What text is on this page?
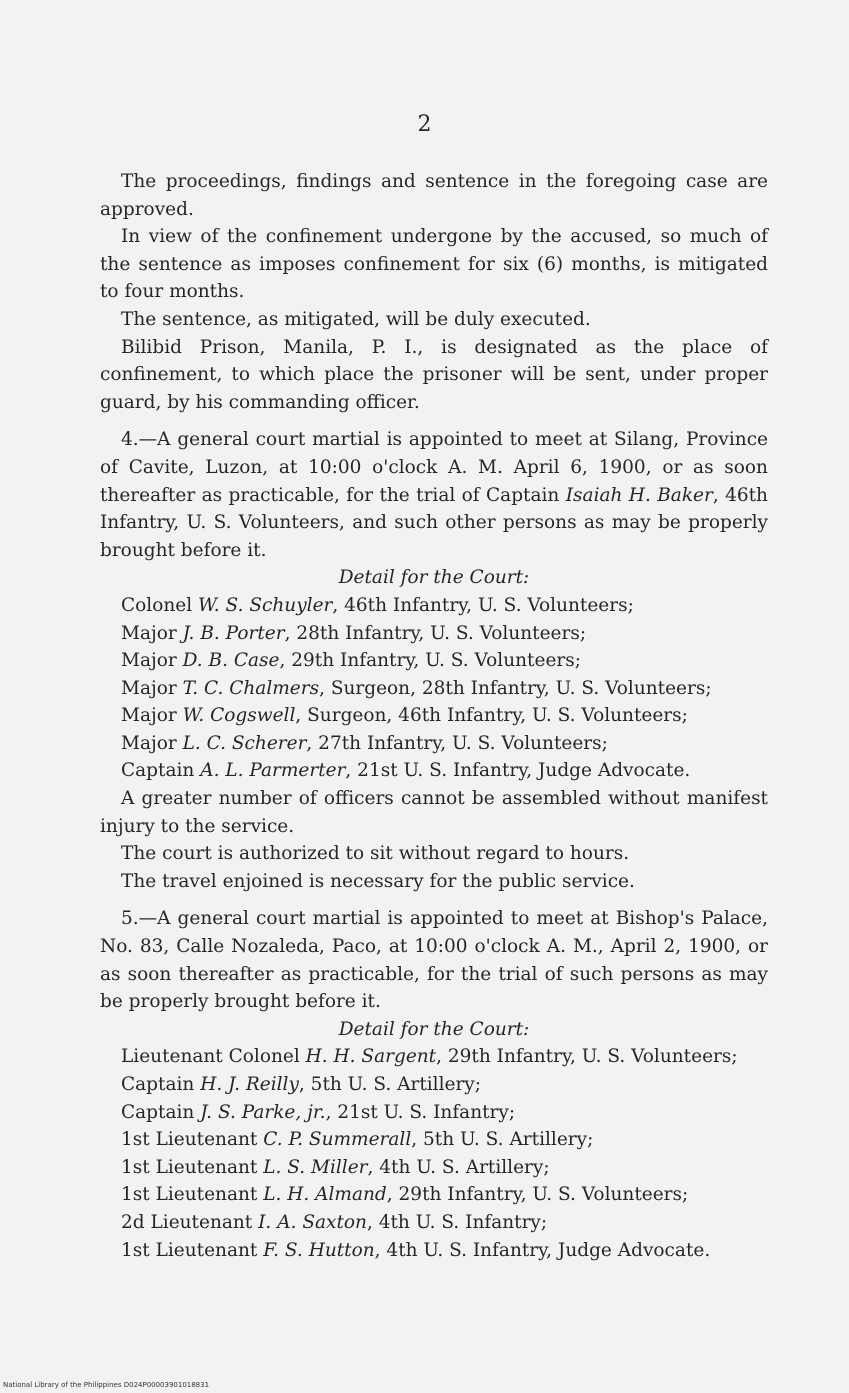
2

The proceedings, findings and sentence in the foregoing case are approved.

In view of the confinement undergone by the accused, so much of the sentence as imposes confinement for six (6) months, is mitigated to four months.

The sentence, as mitigated, will be duly executed.

Bilibid Prison, Manila, P. I., is designated as the place of confinement, to which place the prisoner will be sent, under proper guard, by his commanding officer.

4.—A general court martial is appointed to meet at Silang, Province of Cavite, Luzon, at 10:00 o'clock A. M. April 6, 1900, or as soon thereafter as practicable, for the trial of Captain Isaiah H. Baker, 46th Infantry, U. S. Volunteers, and such other persons as may be properly brought before it.

Detail for the Court:

Colonel W. S. Schuyler, 46th Infantry, U. S. Volunteers;

Major J. B. Porter, 28th Infantry, U. S. Volunteers;

Major D. B. Case, 29th Infantry, U. S. Volunteers;

Major T. C. Chalmers, Surgeon, 28th Infantry, U. S. Volunteers;

Major W. Cogswell, Surgeon, 46th Infantry, U. S. Volunteers;

Major L. C. Scherer, 27th Infantry, U. S. Volunteers;

Captain A. L. Parmerter, 21st U. S. Infantry, Judge Advocate.

A greater number of officers cannot be assembled without manifest injury to the service.

The court is authorized to sit without regard to hours.

The travel enjoined is necessary for the public service.

5.—A general court martial is appointed to meet at Bishop's Palace, No. 83, Calle Nozaleda, Paco, at 10:00 o'clock A. M., April 2, 1900, or as soon thereafter as practicable, for the trial of such persons as may be properly brought before it.

Detail for the Court:

Lieutenant Colonel H. H. Sargent, 29th Infantry, U. S. Volunteers;

Captain H. J. Reilly, 5th U. S. Artillery;

Captain J. S. Parke, jr., 21st U. S. Infantry;

1st Lieutenant C. P. Summerall, 5th U. S. Artillery;

1st Lieutenant L. S. Miller, 4th U. S. Artillery;

1st Lieutenant L. H. Almand, 29th Infantry, U. S. Volunteers;

2d Lieutenant I. A. Saxton, 4th U. S. Infantry;

1st Lieutenant F. S. Hutton, 4th U. S. Infantry, Judge Advocate.

National Library of the Philippines D024P00003901018831
